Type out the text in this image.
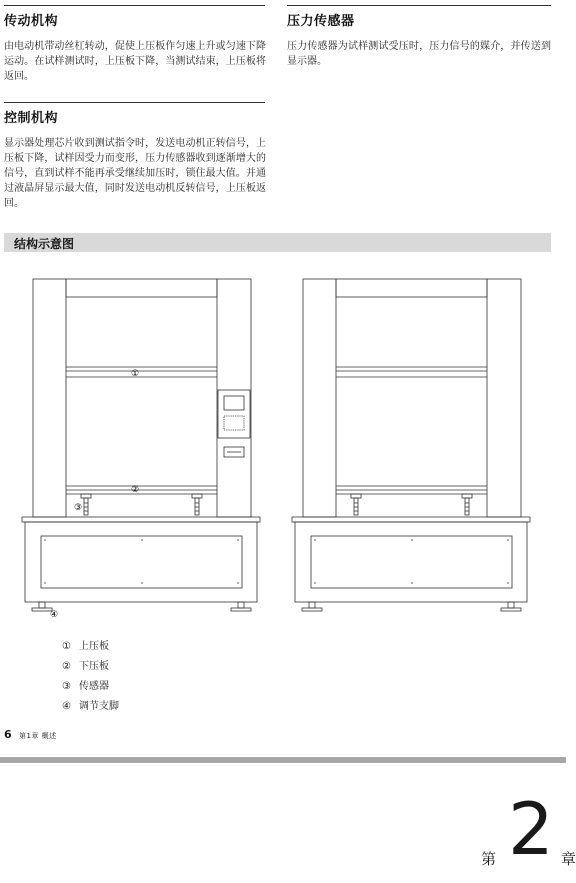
传动机构
由电动机带动丝杠转动，促使上压板作匀速上升或匀速下降运动。在试样测试时，上压板下降，当测试结束，上压板将返回。
压力传感器
压力传感器为试样测试受压时，压力信号的媒介，并传送到显示器。
控制机构
显示器处理芯片收到测试指令时，发送电动机正转信号，上压板下降，试样因受力而变形，压力传感器收到逐渐增大的信号，直到试样不能再承受继续加压时，锁住最大值。并通过液晶屏显示最大值，同时发送电动机反转信号，上压板返回。
结构示意图
①
②
③
④
① 上压板
② 下压板
③ 传感器
④ 调节支脚
6 第1章 概述
第 2 章
